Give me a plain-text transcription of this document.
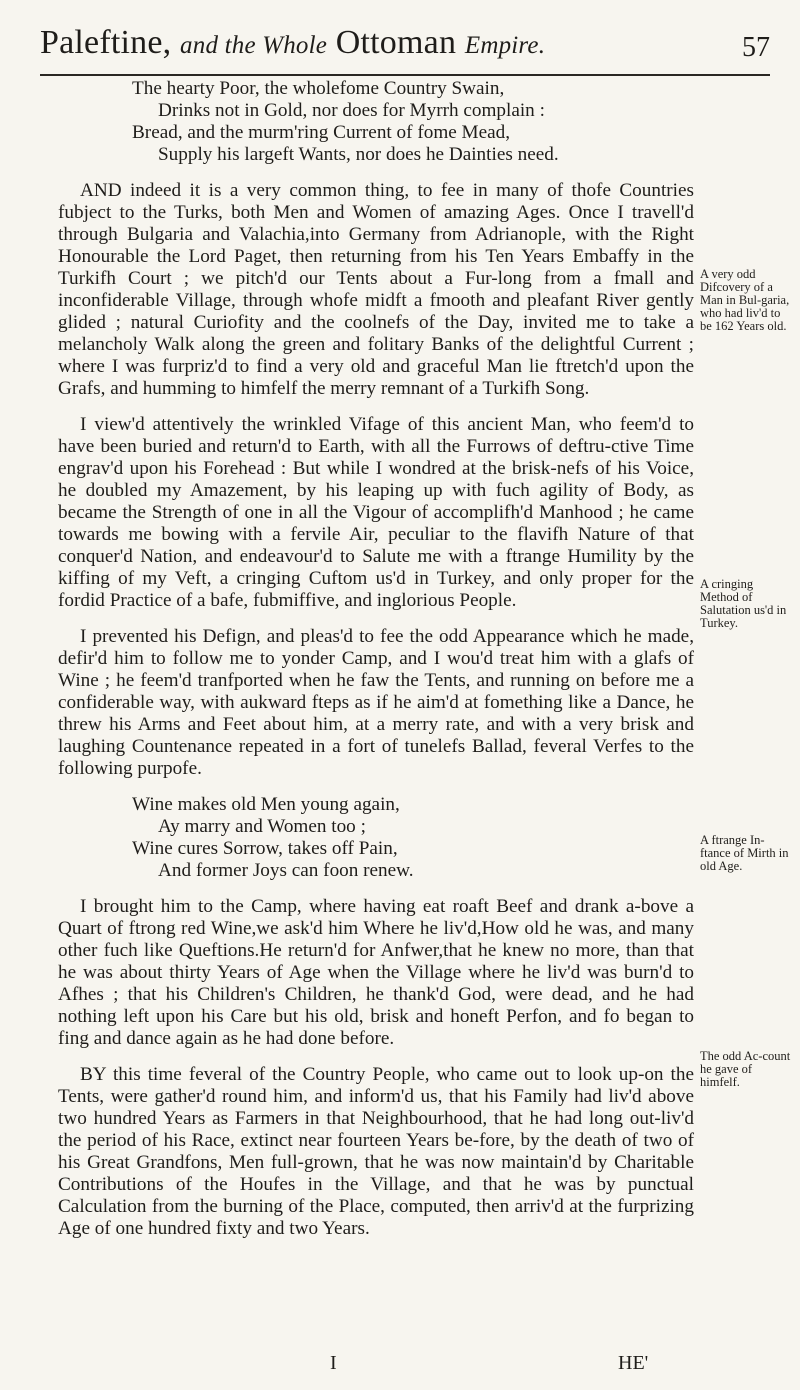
Paleftine, and the Whole Ottoman Empire.	57
The hearty Poor, the wholefome Country Swain,
Drinks not in Gold, nor does for Myrrh complain :
Bread, and the murm'ring Current of fome Mead,
Supply his largeft Wants, nor does he Dainties need.

AND indeed it is a very common thing, to fee in many of thofe Countries fubject to the Turks, both Men and Women of amazing Ages. Once I travell'd through Bulgaria and Valachia,into Germany from Adrianople, with the Right Honourable the Lord Paget, then returning from his Ten Years Embaffy in the Turkifh Court ; we pitch'd our Tents about a Fur-long from a fmall and inconfiderable Village, through whofe midft a fmooth and pleafant River gently glided ; natural Curiofity and the coolnefs of the Day, invited me to take a melancholy Walk along the green and folitary Banks of the delightful Current ; where I was furpriz'd to find a very old and graceful Man lie ftretch'd upon the Grafs, and humming to himfelf the merry remnant of a Turkifh Song.

I view'd attentively the wrinkled Vifage of this ancient Man, who feem'd to have been buried and return'd to Earth, with all the Furrows of deftru-ctive Time engrav'd upon his Forehead : But while I wondred at the brisk-nefs of his Voice, he doubled my Amazement, by his leaping up with fuch agility of Body, as became the Strength of one in all the Vigour of accomplifh'd Manhood ; he came towards me bowing with a fervile Air, peculiar to the flavifh Nature of that conquer'd Nation, and endeavour'd to Salute me with a ftrange Humility by the kiffing of my Veft, a cringing Cuftom us'd in Turkey, and only proper for the fordid Practice of a bafe, fubmiffive, and inglorious People.

I prevented his Defign, and pleas'd to fee the odd Appearance which he made, defir'd him to follow me to yonder Camp, and I wou'd treat him with a glafs of Wine ; he feem'd tranfported when he faw the Tents, and running on before me a confiderable way, with aukward fteps as if he aim'd at fomething like a Dance, he threw his Arms and Feet about him, at a merry rate, and with a very brisk and laughing Countenance repeated in a fort of tunelefs Ballad, feveral Verfes to the following purpofe.

Wine makes old Men young again,
Ay marry and Women too ;
Wine cures Sorrow, takes off Pain,
And former Joys can foon renew.

I brought him to the Camp, where having eat roaft Beef and drank a-bove a Quart of ftrong red Wine,we ask'd him Where he liv'd,How old he was, and many other fuch like Queftions.He return'd for Anfwer,that he knew no more, than that he was about thirty Years of Age when the Village where he liv'd was burn'd to Afhes ; that his Children's Children, he thank'd God, were dead, and he had nothing left upon his Care but his old, brisk and honeft Perfon, and fo began to fing and dance again as he had done before.

BY this time feveral of the Country People, who came out to look up-on the Tents, were gather'd round him, and inform'd us, that his Family had liv'd above two hundred Years as Farmers in that Neighbourhood, that he had long out-liv'd the period of his Race, extinct near fourteen Years be-fore, by the death of two of his Great Grandfons, Men full-grown, that he was now maintain'd by Charitable Contributions of the Houfes in the Village, and that he was by punctual Calculation from the burning of the Place, computed, then arriv'd at the furprizing Age of one hundred fixty and two Years.

A very odd Difcovery of a Man in Bul-garia, who had liv'd to be 162 Years old.
A cringing Method of Salutation us'd in Turkey.
A ftrange In-ftance of Mirth in old Age.
The odd Ac-count he gave of himfelf.
I	HE'
